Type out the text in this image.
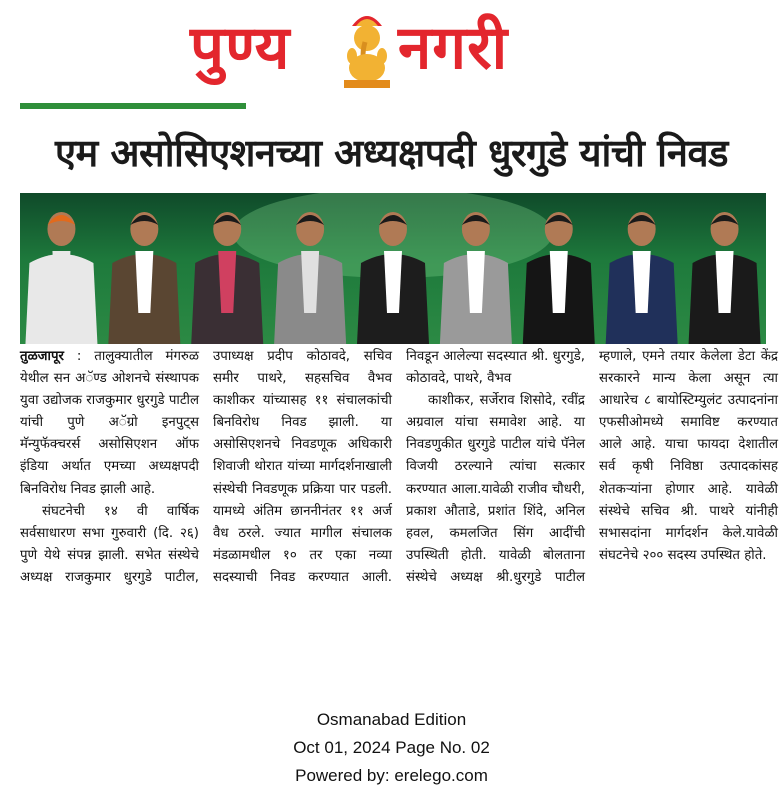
पुण्य नगरी
एम असोसिएशनच्या अध्यक्षपदी धुरगुडे यांची निवड

तुळजापूर : तालुक्यातील मंगरुळ येथील सन अॅण्ड ओशनचे संस्थापक युवा उद्योजक राजकुमार धुरगुडे पाटील यांची पुणे अॅग्रो इनपुट्स मॅन्युफॅक्चरर्स असोसिएशन ऑफ इंडिया अर्थात एमच्या अध्यक्षपदी बिनविरोध निवड झाली आहे.

संघटनेची १४ वी वार्षिक सर्वसाधारण सभा गुरुवारी (दि. २६) पुणे येथे संपन्न झाली. सभेत संस्थेचे अध्यक्ष राजकुमार धुरगुडे पाटील, उपाध्यक्ष प्रदीप कोठावदे, सचिव समीर पाथरे, सहसचिव वैभव काशीकर यांच्यासह ११ संचालकांची बिनविरोध निवड झाली. या असोसिएशनचे निवडणूक अधिकारी शिवाजी थोरात यांच्या मार्गदर्शनाखाली संस्थेची निवडणूक प्रक्रिया पार पडली. यामध्ये अंतिम छाननीनंतर ११ अर्ज वैध ठरले. ज्यात मागील संचालक मंडळामधील १० तर एका नव्या सदस्याची निवड करण्यात आली. निवडून आलेल्या सदस्यात श्री. धुरगुडे, कोठावदे, पाथरे, वैभव

काशीकर, सर्जेराव शिसोदे, रवींद्र अग्रवाल यांचा समावेश आहे. या निवडणुकीत धुरगुडे पाटील यांचे पॅनेल विजयी ठरल्याने त्यांचा सत्कार करण्यात आला.यावेळी राजीव चौधरी, प्रकाश औताडे, प्रशांत शिंदे, अनिल हवल, कमलजित सिंग आदींची उपस्थिती होती. यावेळी बोलताना संस्थेचे अध्यक्ष श्री.धुरगुडे पाटील म्हणाले, एमने तयार केलेला डेटा केंद्र सरकारने मान्य केला असून त्या आधारेच ८ बायोस्टिम्युलंट उत्पादनांना एफसीओमध्ये समाविष्ट करण्यात आले आहे. याचा फायदा देशातील सर्व कृषी निविष्ठा उत्पादकांसह शेतकऱ्यांना होणार आहे. यावेळी संस्थेचे सचिव श्री. पाथरे यांनीही सभासदांना मार्गदर्शन केले.यावेळी संघटनेचे २०० सदस्य उपस्थित होते.

Osmanabad Edition
Oct 01, 2024 Page No. 02
Powered by: erelego.com
